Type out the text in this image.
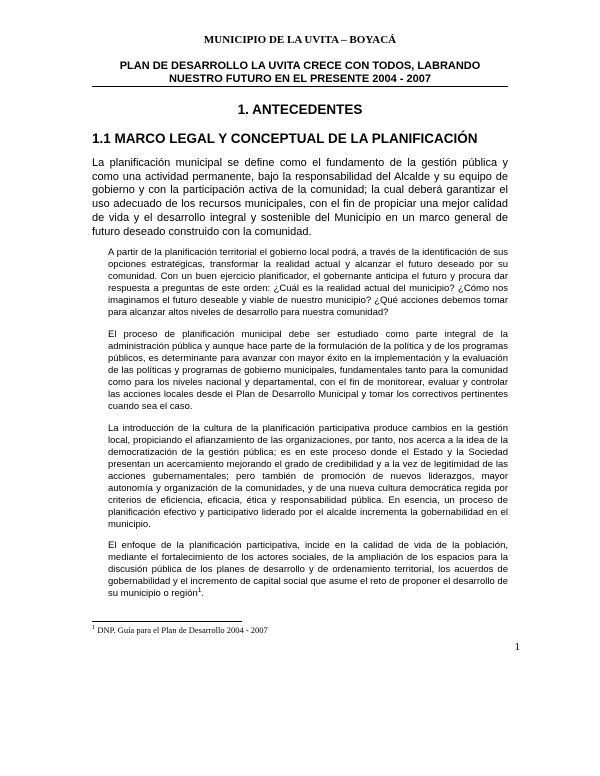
MUNICIPIO DE LA UVITA – BOYACÁ
PLAN DE DESARROLLO LA UVITA CRECE CON TODOS, LABRANDO NUESTRO FUTURO EN EL PRESENTE 2004 - 2007
1. ANTECEDENTES
1.1 MARCO LEGAL Y CONCEPTUAL DE LA PLANIFICACIÓN

La planificación municipal se define como el fundamento de la gestión pública y como una actividad permanente, bajo la responsabilidad del Alcalde y su equipo de gobierno y con la participación activa de la comunidad; la cual deberá garantizar el uso adecuado de los recursos municipales, con el fin de propiciar una mejor calidad de vida y el desarrollo integral y sostenible del Municipio en un marco general de futuro deseado construido con la comunidad.

A partir de la planificación territorial el gobierno local podrá, a través de la identificación de sus opciones estratégicas, transformar la realidad actual y alcanzar el futuro deseado por su comunidad. Con un buen ejercicio planificador, el gobernante anticipa el futuro y procura dar respuesta a preguntas de este orden: ¿Cuál es la realidad actual del municipio? ¿Cómo nos imaginamos el futuro deseable y viable de nuestro municipio? ¿Qué acciones debemos tomar para alcanzar altos niveles de desarrollo para nuestra comunidad?

El proceso de planificación municipal debe ser estudiado como parte integral de la administración pública y aunque hace parte de la formulación de la política y de los programas públicos, es determinante para avanzar con mayor éxito en la implementación y la evaluación de las políticas y programas de gobierno municipales, fundamentales tanto para la comunidad como para los niveles nacional y departamental, con el fin de monitorear, evaluar y controlar las acciones locales desde el Plan de Desarrollo Municipal y tomar los correctivos pertinentes cuando sea el caso.

La introducción de la cultura de la planificación participativa produce cambios en la gestión local, propiciando el afianzamiento de las organizaciones, por tanto, nos acerca a la idea de la democratización de la gestión pública; es en este proceso donde el Estado y la Sociedad presentan un acercamiento mejorando el grado de credibilidad y a la vez de legitimidad de las acciones gubernamentales; pero también de promoción de nuevos liderazgos, mayor autonomía y organización de la comunidades, y de una nueva cultura democrática regida por criterios de eficiencia, eficacia, ética y responsabilidad pública. En esencia, un proceso de planificación efectivo y participativo liderado por el alcalde incrementa la gobernabilidad en el municipio.

El enfoque de la planificación participativa, incide en la calidad de vida de la población, mediante el fortalecimiento de los actores sociales, de la ampliación de los espacios para la discusión pública de los planes de desarrollo y de ordenamiento territorial, los acuerdos de gobernabilidad y el incremento de capital social que asume el reto de proponer el desarrollo de su municipio o región$^1$.

$^1$ DNP. Guía para el Plan de Desarrollo 2004 - 2007
1
